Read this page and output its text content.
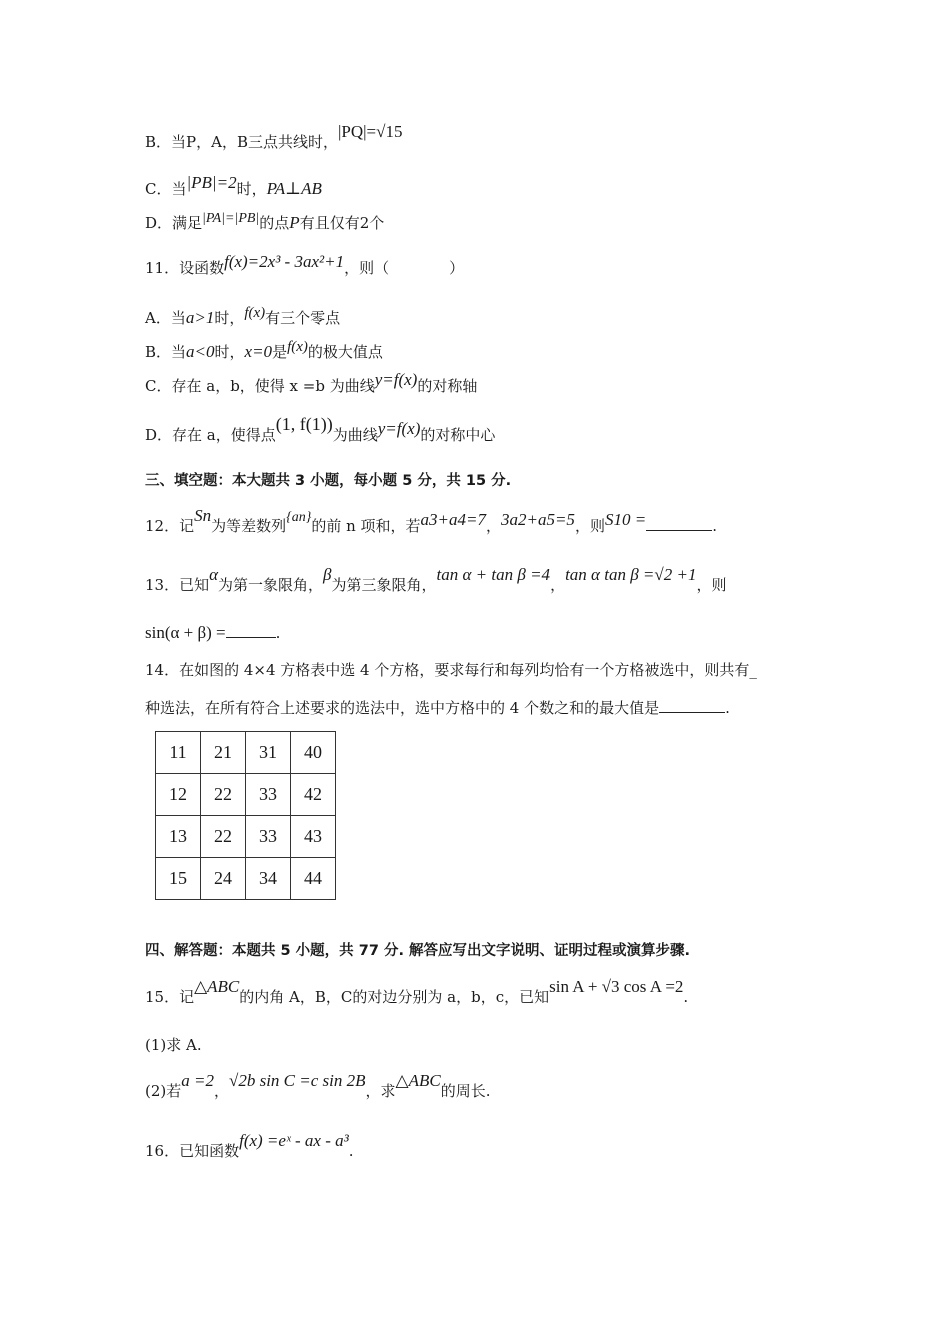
B．当P，A，B三点共线时，|PQ|=√15
C．当|PB|=2时，PA⊥AB
D．满足|PA|=|PB|的点P有且仅有2个
11．设函数f(x)=2x³ - 3ax²+1，则（　　　　）
A．当a>1时，f(x)有三个零点
B．当a<0时，x=0是f(x)的极大值点
C．存在 a，b，使得 x =b 为曲线y=f(x)的对称轴
D．存在 a，使得点(1, f(1))为曲线y=f(x)的对称中心
三、填空题：本大题共 3 小题，每小题 5 分，共 15 分.
12．记Sn为等差数列{an}的前 n 项和，若a3+a4=7，3a2+a5=5，则S10 =	.
13．已知α为第一象限角，β为第三象限角，tan α + tan β =4，tan α tan β =√2 +1，则
sin(α + β) =	.
14．在如图的 4×4 方格表中选 4 个方格，要求每行和每列均恰有一个方格被选中，则共有_
种选法，在所有符合上述要求的选法中，选中方格中的 4 个数之和的最大值是	.
11	21	31	40
12	22	33	42
13	22	33	43
15	24	34	44
四、解答题：本题共 5 小题，共 77 分. 解答应写出文字说明、证明过程或演算步骤.
15．记△ABC的内角 A，B，C的对边分别为 a，b，c，已知sin A + √3 cos A =2.
(1)求 A.
(2)若a =2，√2b sin C =c sin 2B，求△ABC的周长.
16．已知函数f(x) =eˣ - ax - a³.
